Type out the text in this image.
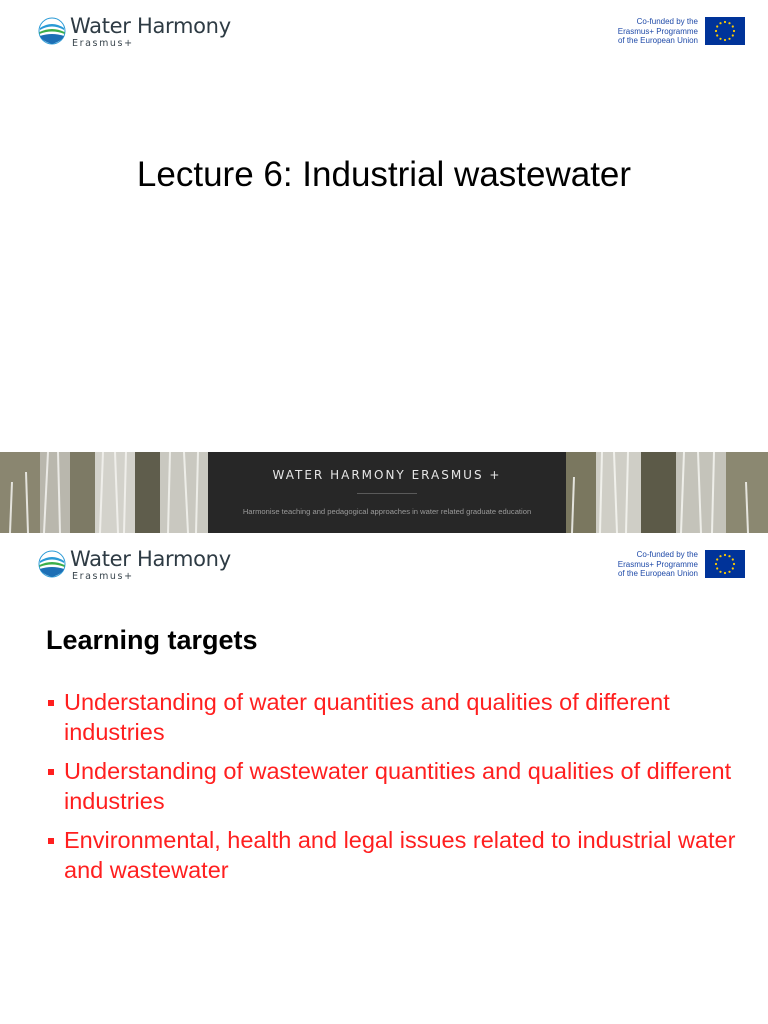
Water Harmony
Erasmus+
Co-funded by the
Erasmus+ Programme
of the European Union
Lecture 6: Industrial wastewater
WATER HARMONY ERASMUS +
Harmonise teaching and pedagogical approaches in water related graduate education
Water Harmony
Erasmus+
Co-funded by the
Erasmus+ Programme
of the European Union
Learning targets
Understanding of water quantities and qualities of different industries
Understanding of wastewater quantities and qualities of different industries
Environmental, health and legal issues related to industrial water and wastewater
